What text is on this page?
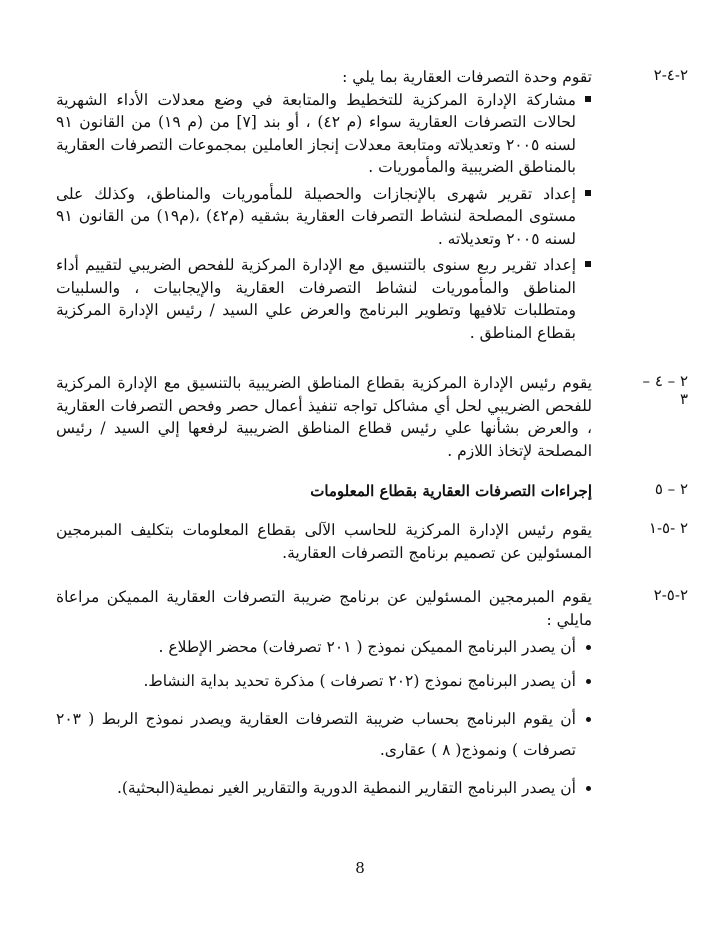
٢-٤-٢

تقوم وحدة التصرفات العقارية بما يلي :

مشاركة الإدارة المركزية للتخطيط والمتابعة في وضع معدلات الأداء الشهرية لحالات التصرفات العقارية سواء (م ٤٢) ، أو بند [٧] من (م ١٩) من القانون ٩١ لسنه ٢٠٠٥ وتعديلاته ومتابعة معدلات إنجاز العاملين بمجموعات التصرفات العقارية بالمناطق الضريبية والمأموريات .
إعداد تقرير شهرى بالإنجازات والحصيلة للمأموريات والمناطق، وكذلك على مستوى المصلحة لنشاط التصرفات العقارية بشقيه (م٤٢) ،(م١٩) من القانون ٩١ لسنه ٢٠٠٥ وتعديلاته .
إعداد تقرير ربع سنوى بالتنسيق مع الإدارة المركزية للفحص الضريبي لتقييم أداء المناطق والمأموريات لنشاط التصرفات العقارية والإيجابيات ، والسلبيات ومتطلبات تلافيها وتطوير البرنامج والعرض علي السيد / رئيس الإدارة المركزية بقطاع المناطق .
٢ – ٤ – ٣

يقوم رئيس الإدارة المركزية بقطاع المناطق الضريبية بالتنسيق مع الإدارة المركزية للفحص الضريبي لحل أي مشاكل تواجه تنفيذ أعمال حصر وفحص التصرفات العقارية ، والعرض بشأنها علي رئيس قطاع المناطق الضريبية لرفعها إلي السيد / رئيس المصلحة لإتخاذ اللازم .

٢ – ٥
إجراءات التصرفات العقارية بقطاع المعلومات
٢ -٥-١

يقوم رئيس الإدارة المركزية للحاسب الآلى بقطاع المعلومات بتكليف المبرمجين المسئولين عن تصميم برنامج التصرفات العقارية.

٢-٥-٢

يقوم المبرمجين المسئولين عن برنامج ضريبة التصرفات العقارية المميكن مراعاة مايلي :

أن يصدر البرنامج المميكن نموذج ( ٢٠١ تصرفات) محضر الإطلاع .
أن يصدر البرنامج نموذج (٢٠٢ تصرفات ) مذكرة تحديد بداية النشاط.
أن يقوم البرنامج بحساب ضريبة التصرفات العقارية ويصدر نموذج الربط ( ٢٠٣ تصرفات ) ونموذج( ٨ ) عقارى.
أن يصدر البرنامج التقارير النمطية الدورية والتقارير الغير نمطية(البحثية).
8
